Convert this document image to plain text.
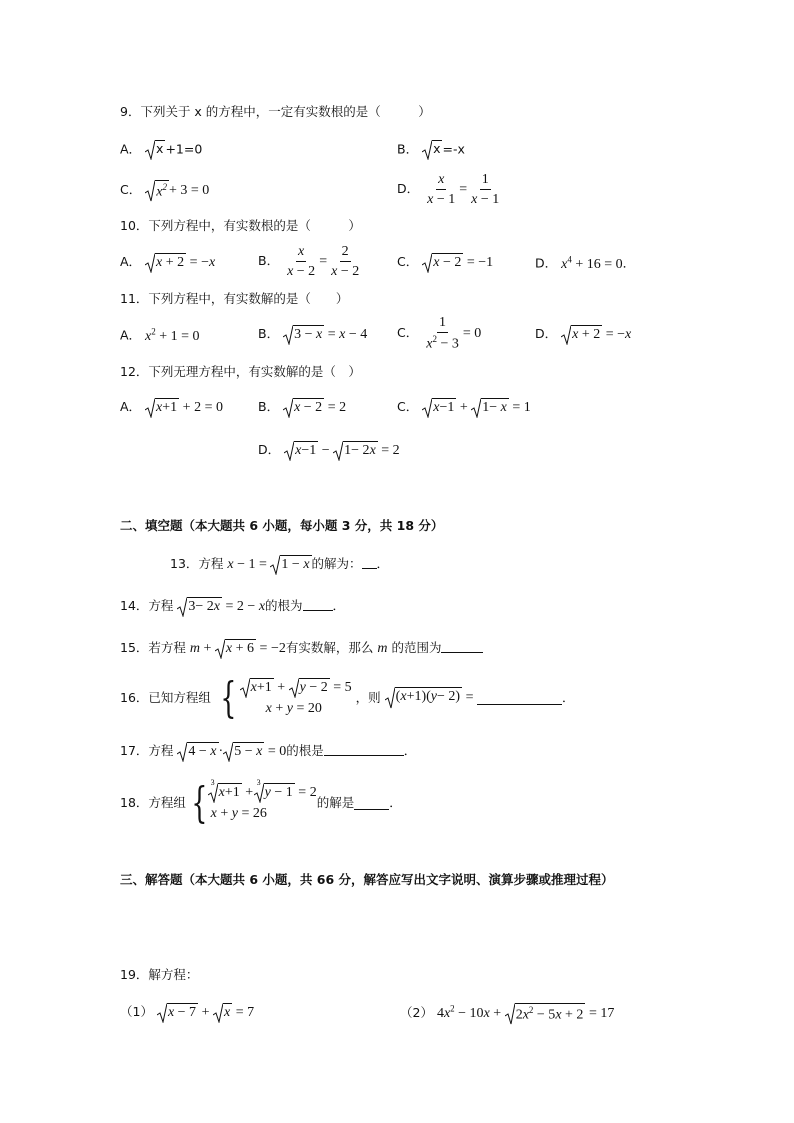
9．下列关于 x 的方程中，一定有实数根的是（　　　）
A． x +1=0	B． x =-x
C． $x^2 + 3 = 0$	D． $\frac{x}{x - 1} = \frac{1}{x - 1}$
10．下列方程中，有实数根的是（　　　）
A． x + 2 = −x	B． $\frac{x}{x - 2} = \frac{2}{x - 2}$	C． x − 2 = −1	D． $x^4 + 16 = 0$．
11．下列方程中，有实数解的是（　　）
A． $x^2 + 1 = 0$	B． 3 − x = x − 4 C． $\frac{1}{x^2 - 3} = 0$	D． x + 2 = −x
12．下列无理方程中，有实数解的是（　）
A． x+1 + 2 = 0	B． x − 2 = 2	C． x−1 + 1− x = 1
D． x−1 − 1− 2x = 2
二、填空题（本大题共 6 小题，每小题 3 分，共 18 分）
13．方程 x − 1 = 1 − x 的解为： ．
14．方程 3− 2x = 2 − x的根为 ．
15．若方程 m + x + 6 = −2有实数解，那么 m 的范围为
16．已知方程组 { x+1 + y − 2 = 5
x + y = 20
，则 (x+1)(y− 2) =	．
17．方程 4 − x · 5 − x = 0的根是	．
18．方程组 { 3
x+1 +
3
y − 1 = 2
x + y = 26
的解是	．
三、解答题（本大题共 6 小题，共 66 分，解答应写出文字说明、演算步骤或推理过程）
19．解方程：
（1） x − 7 + x = 7	（2） $4x^2 - 10x + 2x^2 - 5x + 2 = 17$
